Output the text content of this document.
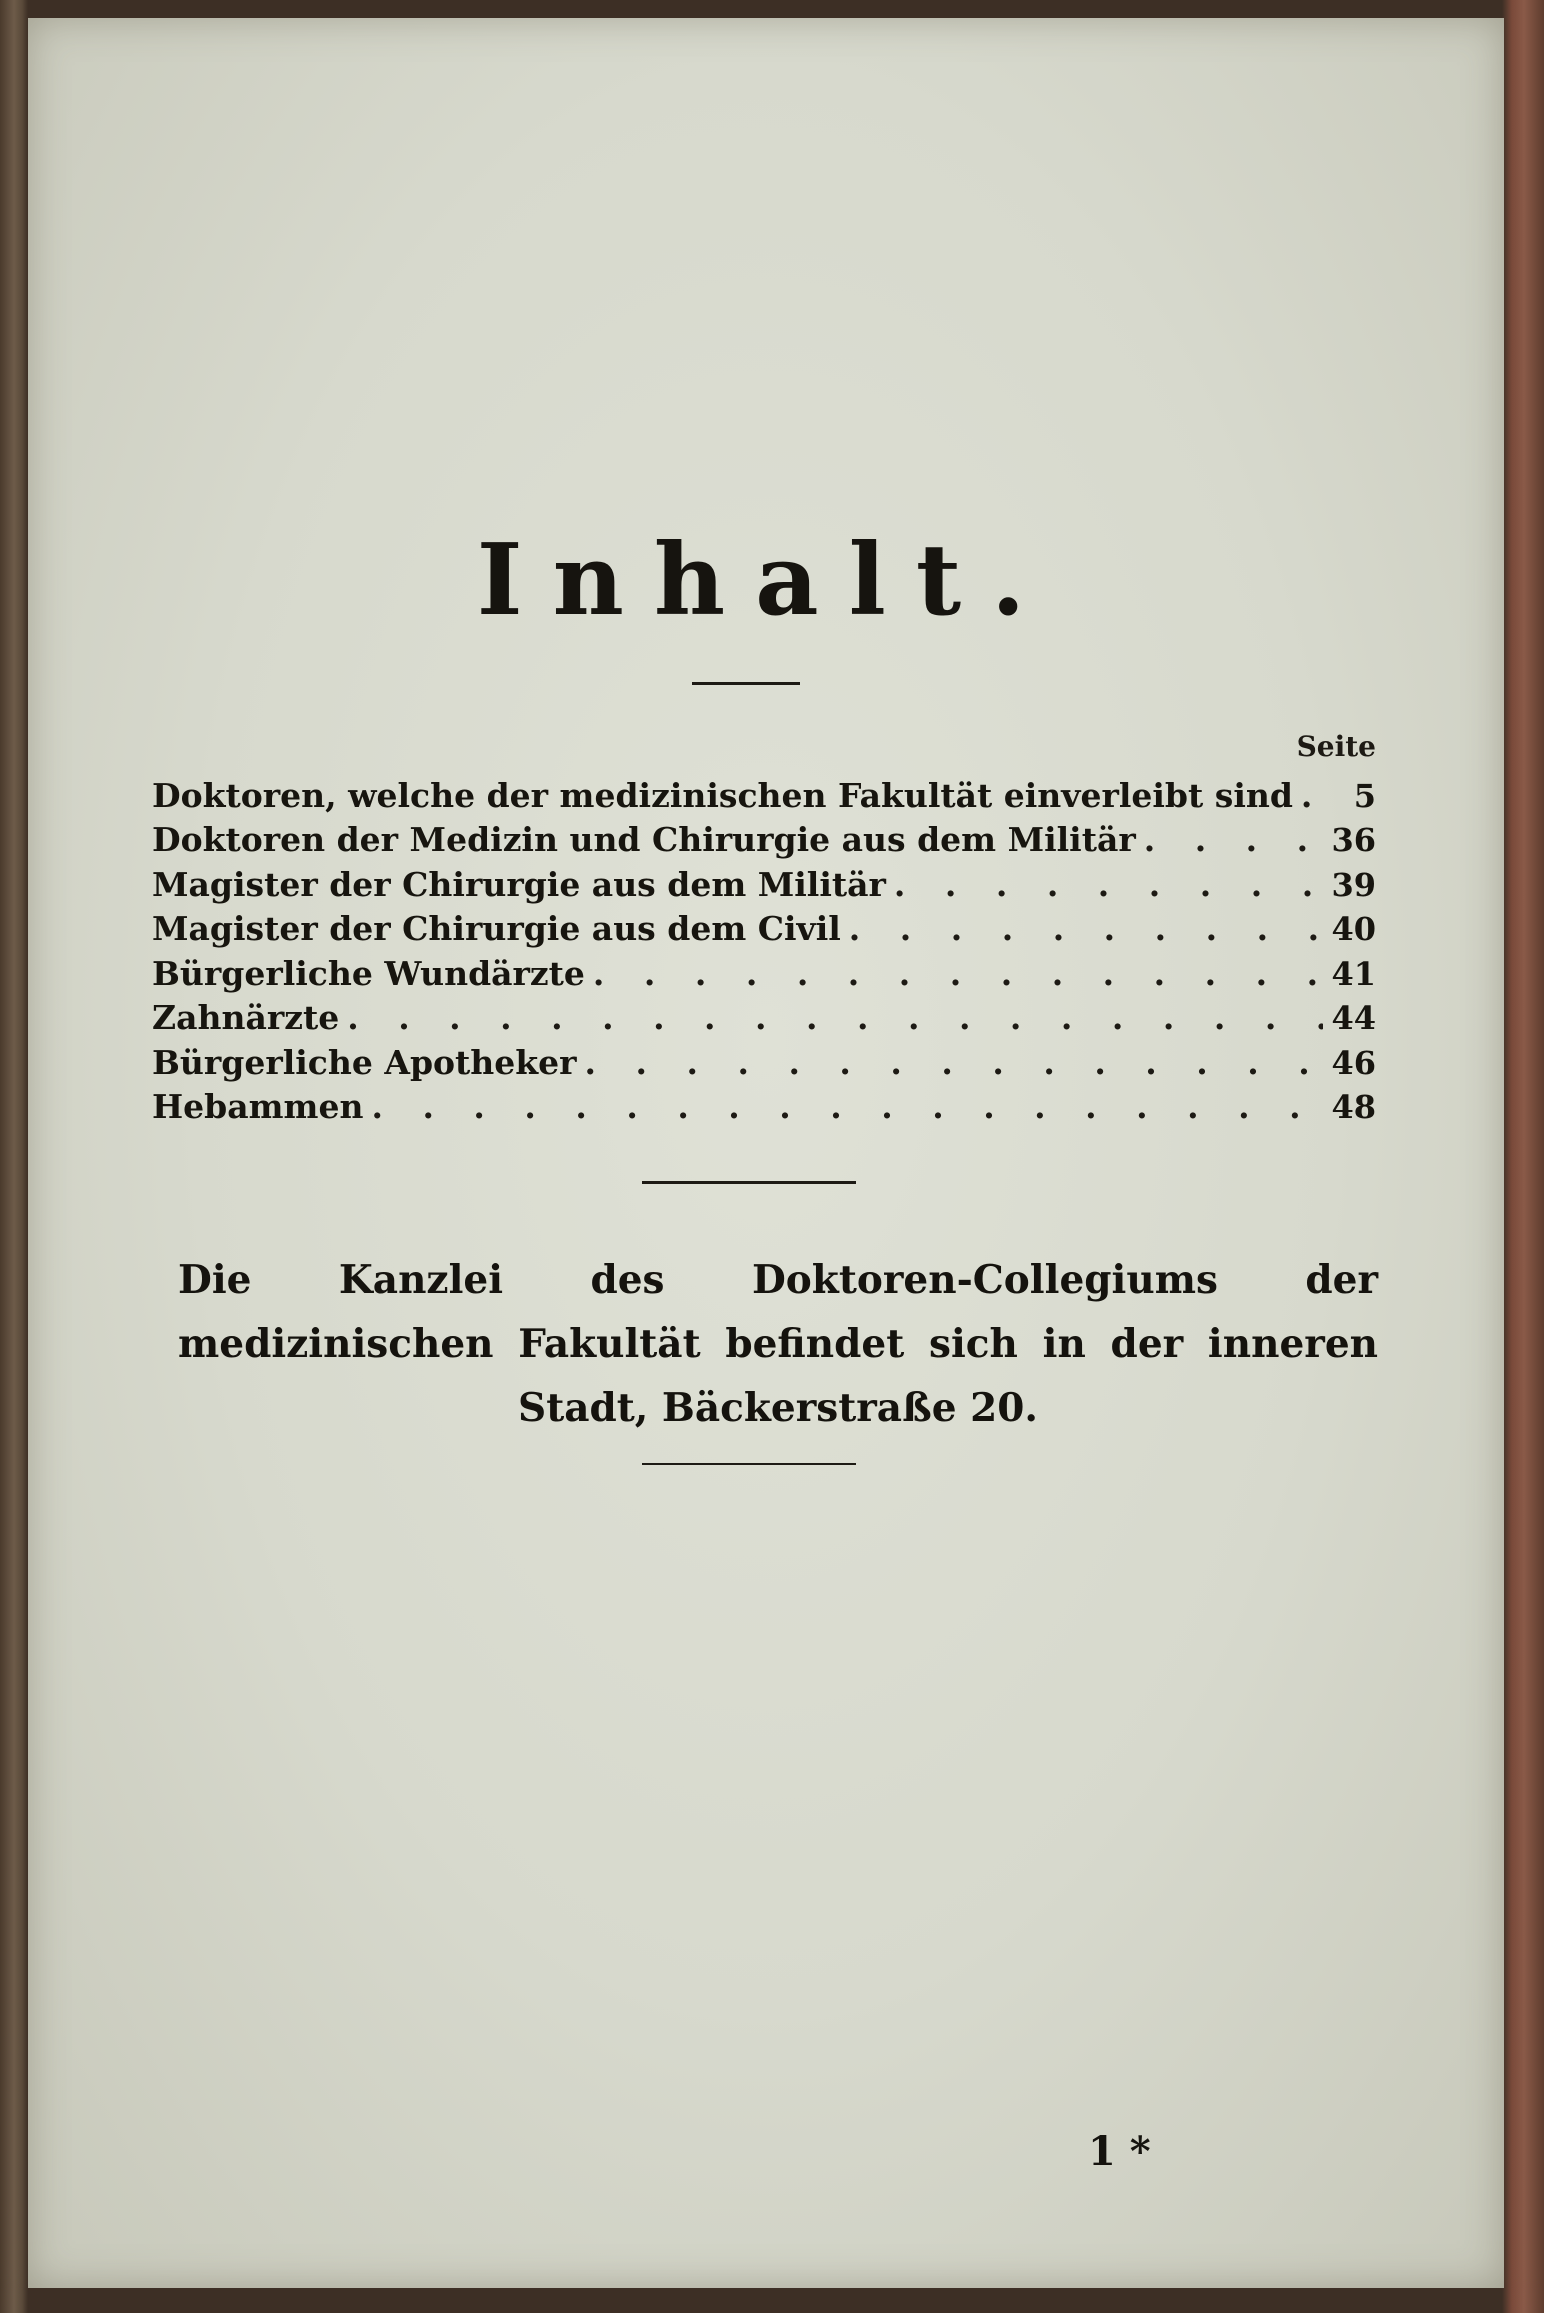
Inhalt.
Seite
Doktoren, welche der medizinischen Fakultät einverleibt sind . . .	5
Doktoren der Medizin und Chirurgie aus dem Militär . . .	36
Magister der Chirurgie aus dem Militär . . .	39
Magister der Chirurgie aus dem Civil . . .	40
Bürgerliche Wundärzte . . .	41
Zahnärzte . . .	44
Bürgerliche Apotheker . . .	46
Hebammen . . .	48
Die Kanzlei des Doktoren-Collegiums der medizinischen Fakultät befindet sich in der inneren Stadt, Bäckerstraße 20.
1 *
